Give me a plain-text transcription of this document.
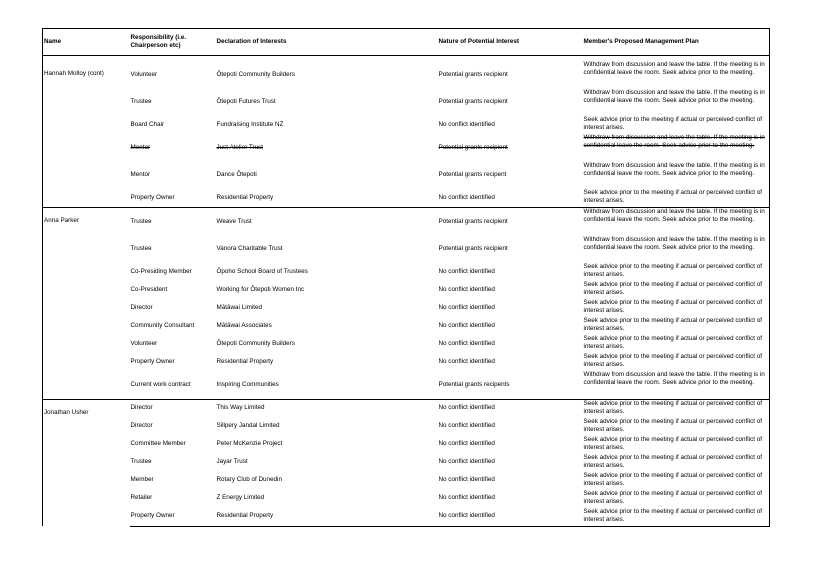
Name	Responsibility (i.e. Chairperson etc)	Declaration of Interests	Nature of Potential Interest	Member's Proposed Management Plan

Hannah Molloy (cont)	Volunteer	Ōtepoti Community Builders	Potential grants recipient	Withdraw from discussion and leave the table. If the meeting is in confidential leave the room. Seek advice prior to the meeting.
	Trustee	Ōtepoti Futures Trust	Potential grants recipient	Withdraw from discussion and leave the table. If the meeting is in confidential leave the room. Seek advice prior to the meeting.
	Board Chair	Fundraising Institute NZ	No conflict identified	Seek advice prior to the meeting if actual or perceived conflict of interest arises.
	Mentor	Just Atelier Trust	Potential grants recipient	Withdraw from discussion and leave the table. If the meeting is in confidential leave the room. Seek advice prior to the meeting.
	Mentor	Dance Ōtepoti	Potential grants recipent	Withdraw from discussion and leave the table. If the meeting is in confidential leave the room. Seek advice prior to the meeting.
	Property Owner	Residential Property	No conflict identified	Seek advice prior to the meeting if actual or perceived conflict of interest arises.
Anna Parker	Trustee	Weave Trust	Potential grants recipient	Withdraw from discussion and leave the table. If the meeting is in confidential leave the room. Seek advice prior to the meeting.
	Trustee	Vanora Charitable Trust	Potential grants recipient	Withdraw from discussion and leave the table. If the meeting is in confidential leave the room. Seek advice prior to the meeting.
	Co-Presiding Member	Ōpoho School Board of Trustees	No conflict identified	Seek advice prior to the meeting if actual or perceived conflict of interest arises.
	Co-President	Working for Ōtepoti Women Inc	No conflict identified	Seek advice prior to the meeting if actual or perceived conflict of interest arises.
	Director	Mātāwai Limited	No conflict identified	Seek advice prior to the meeting if actual or perceived conflict of interest arises.
	Community Consultant	Mātāwai Associates	No conflict identified	Seek advice prior to the meeting if actual or perceived conflict of interest arises.
	Volunteer	Ōtepoti Community Builders	No conflict identified	Seek advice prior to the meeting if actual or perceived conflict of interest arises.
	Property Owner	Residential Property	No conflict identified	Seek advice prior to the meeting if actual or perceived conflict of interest arises.
	Current work contract	Inspiring Communities	Potential grants recipents	Withdraw from discussion and leave the table. If the meeting is in confidential leave the room. Seek advice prior to the meeting.
Jonathan Usher	Director	This Way Limited	No conflict identified	Seek advice prior to the meeting if actual or perceived conflict of interest arises.
	Director	Sillpery Jandal Limited	No conflict identified	Seek advice prior to the meeting if actual or perceived conflict of interest arises.
	Committee Member	Peter McKenzie Project	No conflict identified	Seek advice prior to the meeting if actual or perceived conflict of interest arises.
	Trustee	Jayar Trust	No conflict identified	Seek advice prior to the meeting if actual or perceived conflict of interest arises.
	Member	Rotary Club of Dunedin	No conflict identified	Seek advice prior to the meeting if actual or perceived conflict of interest arises.
	Retailer	Z Energy Limited	No conflict identified	Seek advice prior to the meeting if actual or perceived conflict of interest arises.
	Property Owner	Residential Property	No conflict identified	Seek advice prior to the meeting if actual or perceived conflict of interest arises.
